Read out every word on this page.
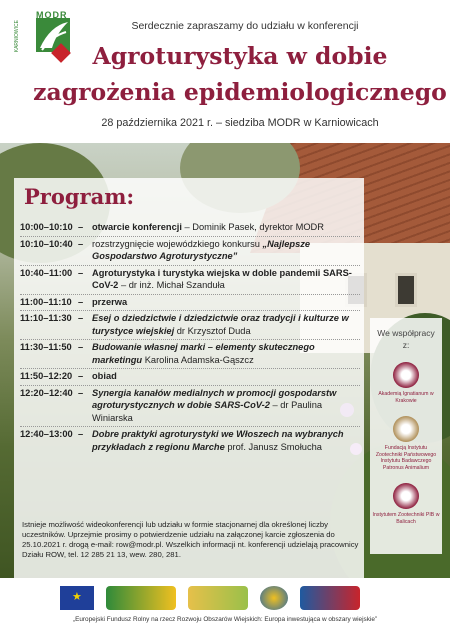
MODR
KARNIOWICE	Serdecznie zapraszamy do udziału w konferencji
Agroturystyka w dobie
zagrożenia epidemiologicznego
28 października 2021 r. – siedziba MODR w Karniowicach
Program:
10:00–10:10 – otwarcie konferencji – Dominik Pasek, dyrektor MODR
10:10–10:40 – rozstrzygnięcie wojewódzkiego konkursu „Najlepsze Gospodarstwo Agroturystyczne”
10:40–11:00 – Agroturystyka i turystyka wiejska w doble pandemii SARS-CoV-2 – dr inż. Michał Szanduła
11:00–11:10 – przerwa
11:10–11:30 – Esej o dziedzictwie i dziedzictwie oraz tradycji i kulturze w turystyce wiejskiej dr Krzysztof Duda
11:30–11:50 – Budowanie własnej marki – elementy skutecznego marketingu Karolina Adamska-Gąszcz
11:50–12:20 – obiad
12:20–12:40 – Synergia kanałów medialnych w promocji gospodarstw agroturystycznych w dobie SARS-CoV-2 – dr Paulina Winiarska
12:40–13:00 – Dobre praktyki agroturystyki we Włoszech na wybranych przykładach z regionu Marche prof. Janusz Smołucha
Istnieje możliwość wideokonferencji lub udziału w formie stacjonarnej dla określonej liczby uczestników. Uprzejmie prosimy o potwierdzenie udziału na załączonej karcie zgłoszenia do 25.10.2021 r. drogą e-mail: row@modr.pl. Wszelkich informacji nt. konferencji udzielają pracownicy Działu ROW, tel. 12 285 21 13, wew. 280, 281.
We współpracy
z:
Akademią Ignatianum w Krakowie
Fundacją Instytutu Zootechniki Państwowego Instytutu Badawczego Patronus Animalium
Instytutem Zootechniki PIB w Balicach
★
„Europejski Fundusz Rolny na rzecz Rozwoju Obszarów Wiejskich: Europa inwestująca w obszary wiejskie”
